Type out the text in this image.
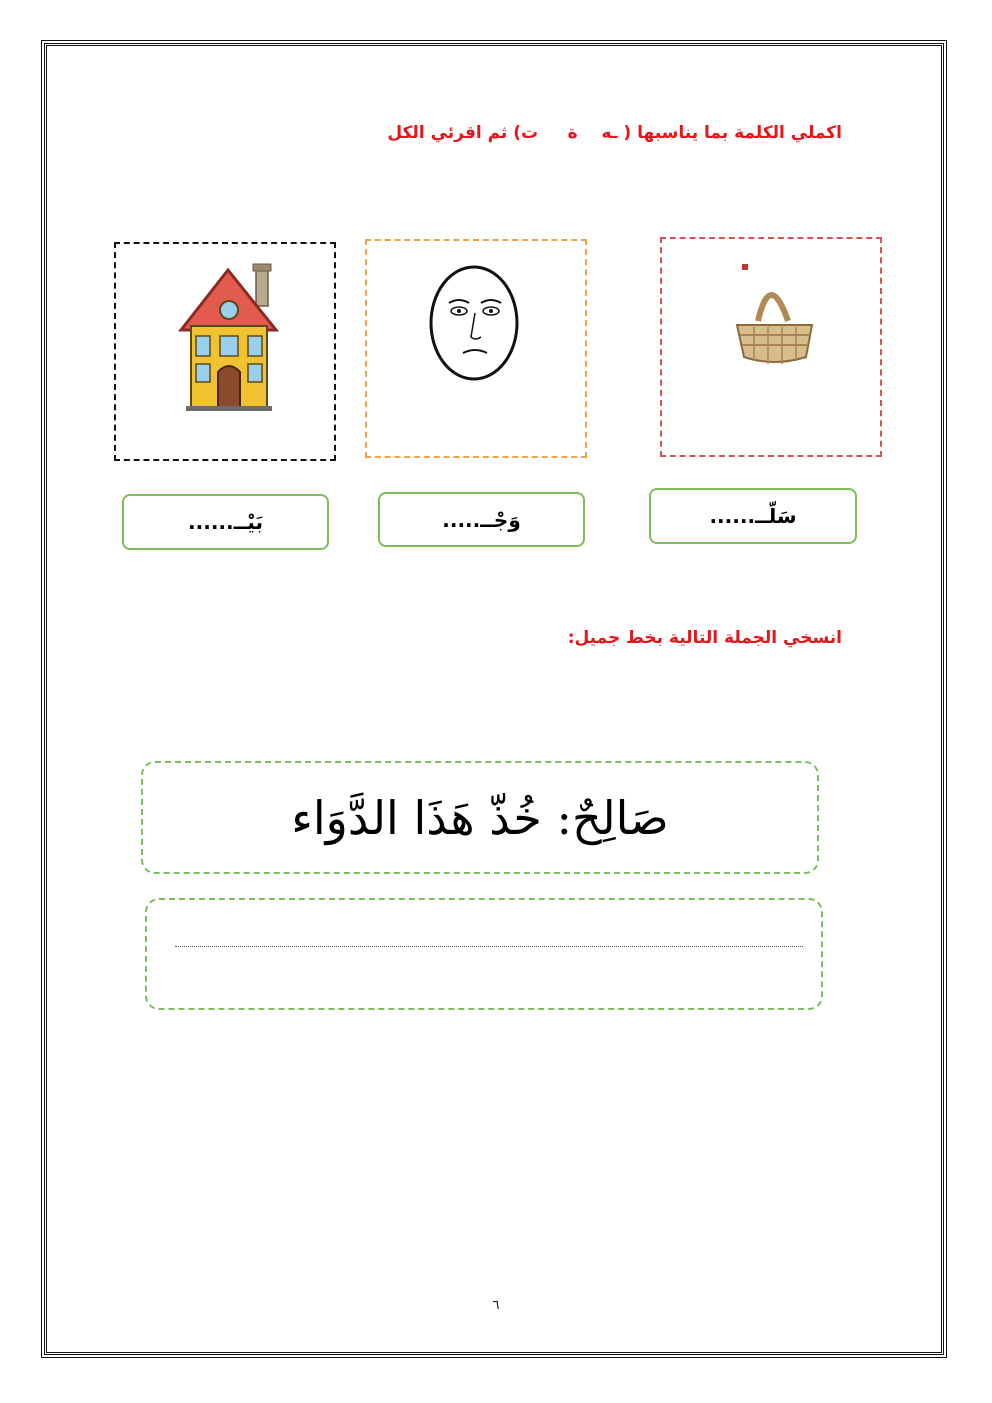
اكملي الكلمة بما يناسبها ( ـه    ة     ت) ثم اقرئي الكل
بَيْــ......	وَجْــ.....	سَلّــ......
انسخي الجملة التالية بخط جميل:
صَالِحٌ: خُذّ هَذَا الدَّوَاء
٦
